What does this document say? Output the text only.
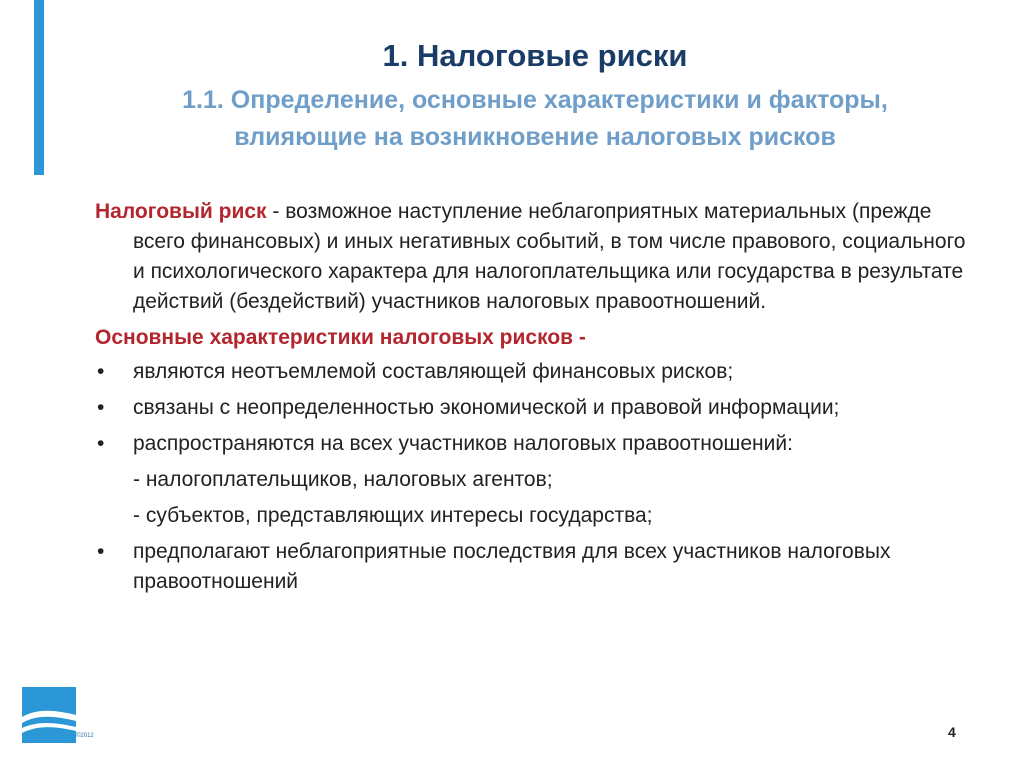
1. Налоговые риски
1.1. Определение, основные характеристики и факторы,
влияющие на возникновение налоговых рисков

Налоговый риск - возможное наступление неблагоприятных материальных (прежде всего финансовых) и иных негативных событий, в том числе правового, социального и психологического характера для налогоплательщика или государства в результате действий (бездействий) участников налоговых правоотношений.

Основные характеристики налоговых рисков -
• являются неотъемлемой составляющей финансовых рисков;
• связаны с неопределенностью экономической и правовой информации;
• распространяются на всех участников налоговых правоотношений:
- налогоплательщиков, налоговых агентов;
- субъектов, представляющих интересы государства;
• предполагают неблагоприятные последствия для всех участников налоговых правоотношений
©2012	4
